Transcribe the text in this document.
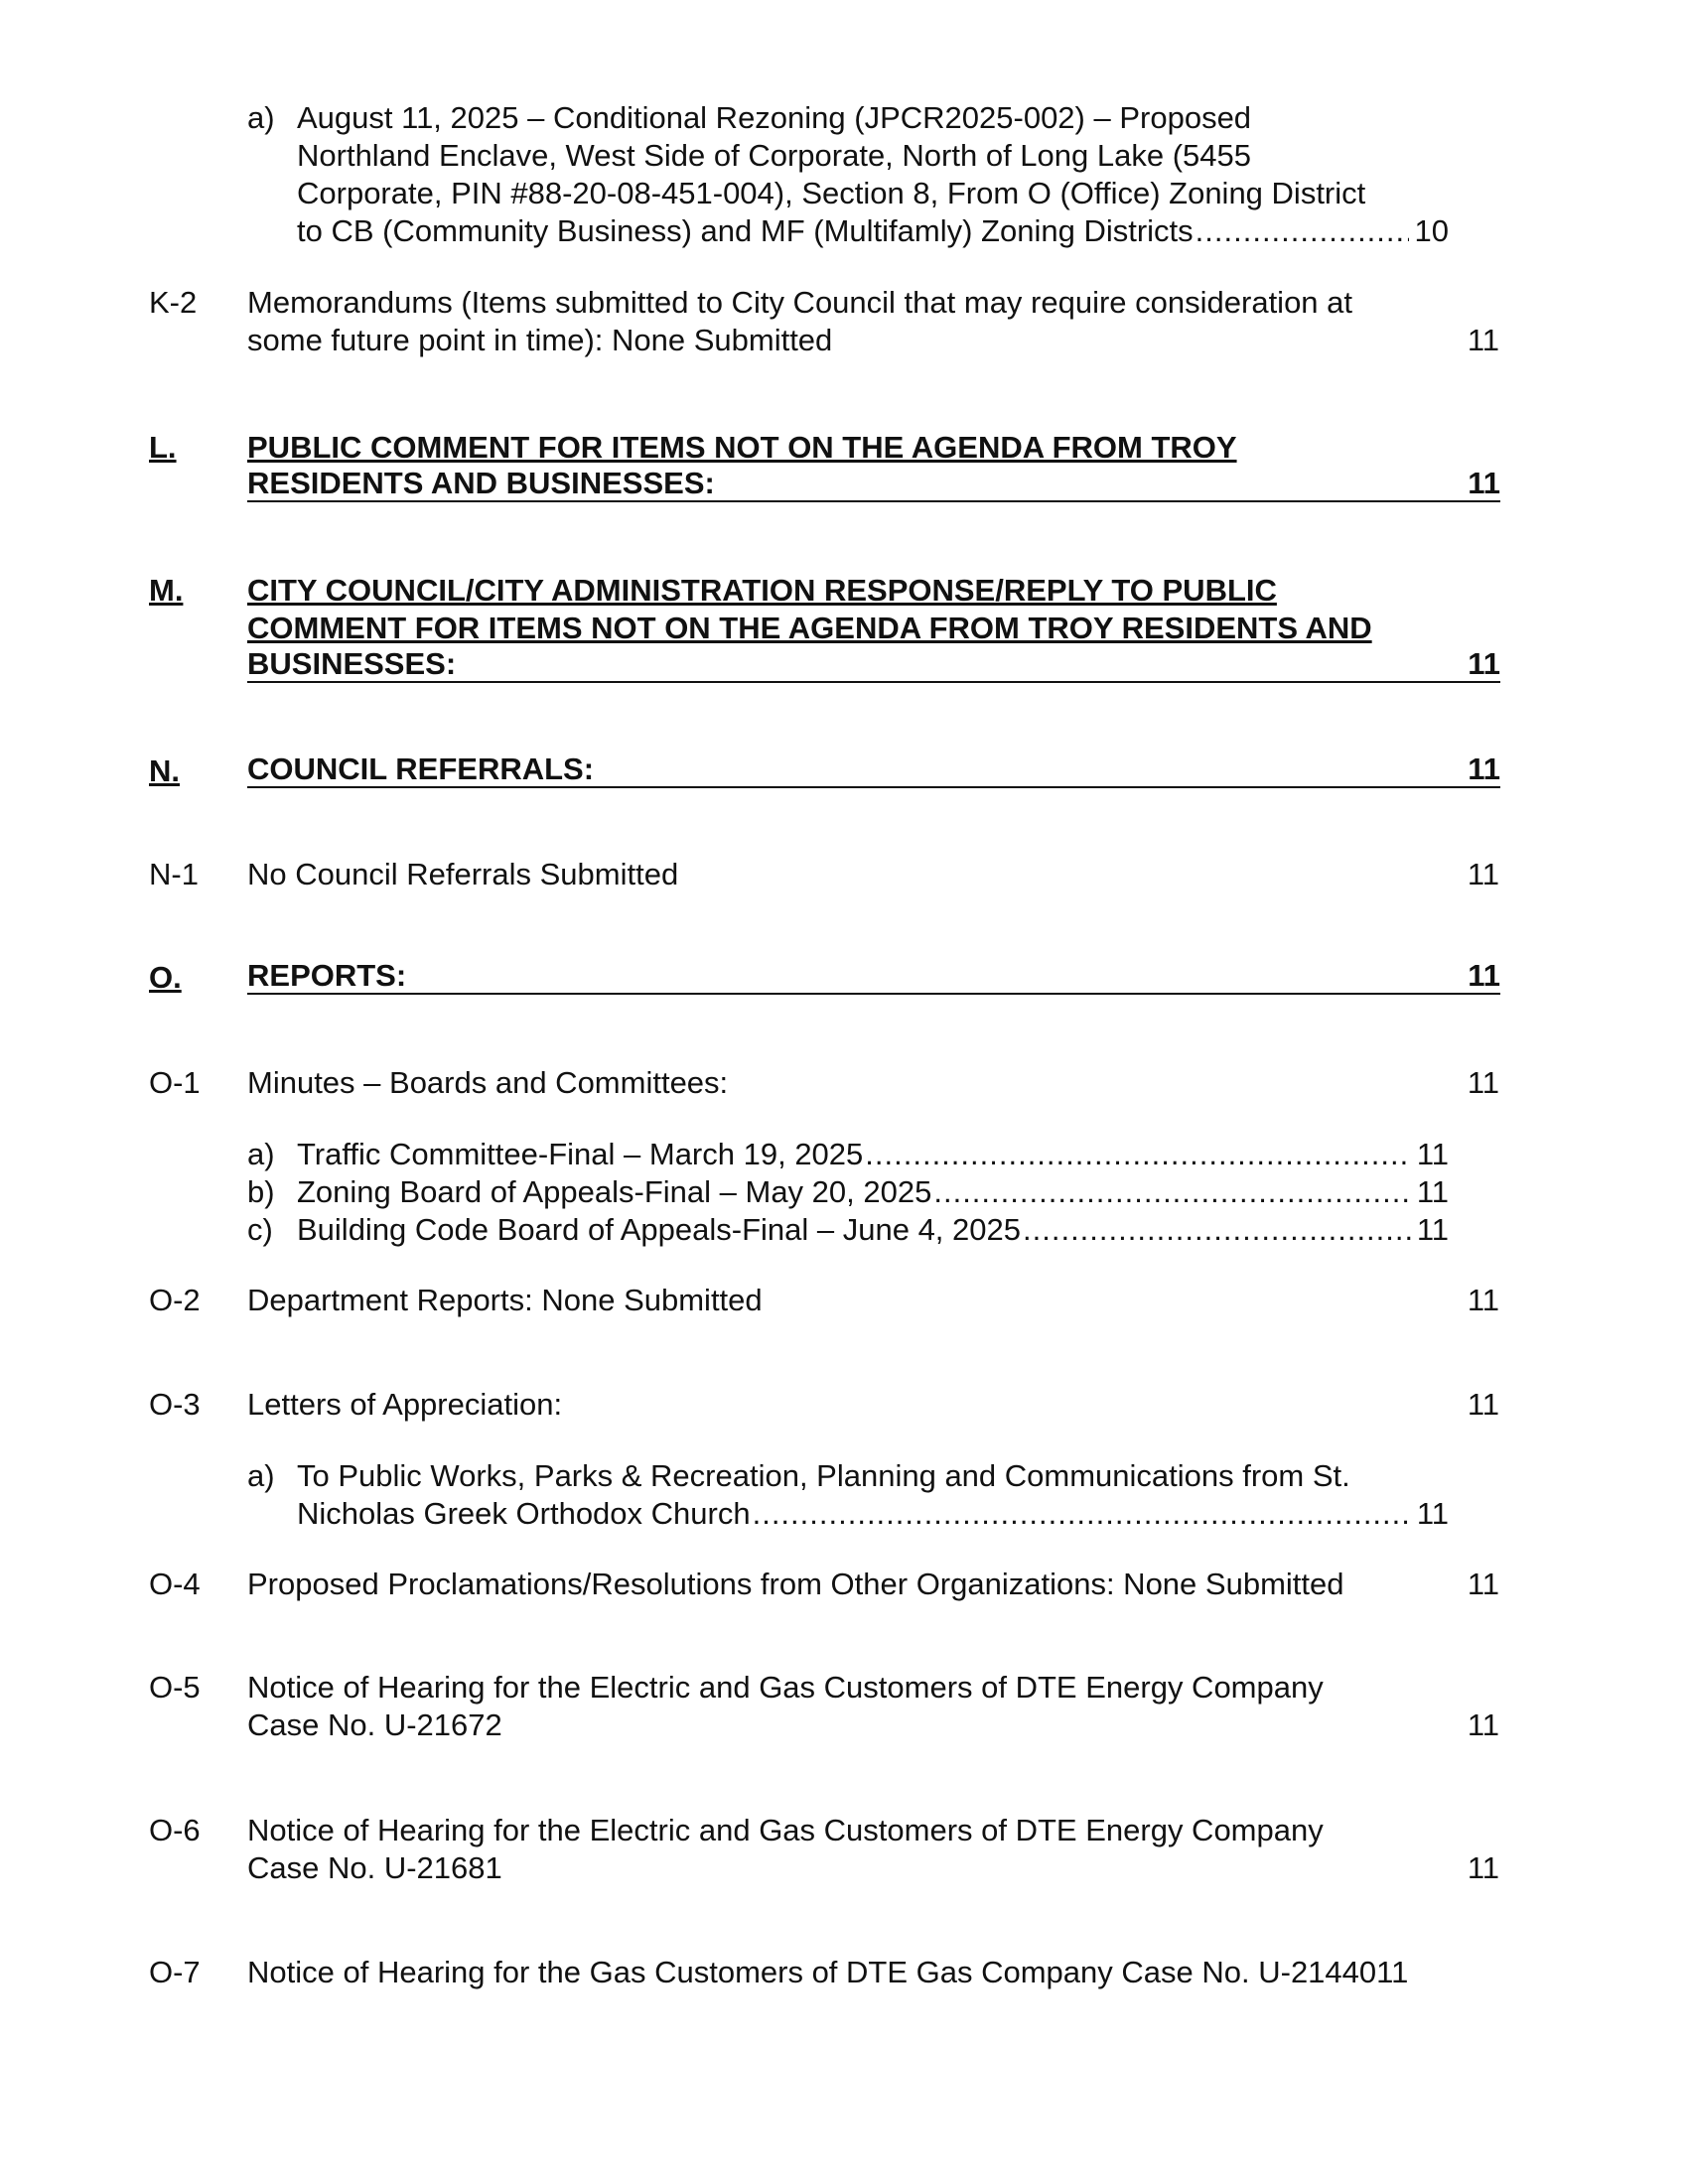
a) August 11, 2025 – Conditional Rezoning (JPCR2025-002) – Proposed
Northland Enclave, West Side of Corporate, North of Long Lake (5455
Corporate, PIN #88-20-08-451-004), Section 8, From O (Office) Zoning District
to CB (Community Business) and MF (Multifamly) Zoning Districts .....	10
K-2 Memorandums (Items submitted to City Council that may require consideration at
some future point in time): None Submitted	11
L. PUBLIC COMMENT FOR ITEMS NOT ON THE AGENDA FROM TROY
RESIDENTS AND BUSINESSES:	11
M. CITY COUNCIL/CITY ADMINISTRATION RESPONSE/REPLY TO PUBLIC
COMMENT FOR ITEMS NOT ON THE AGENDA FROM TROY RESIDENTS AND
BUSINESSES:	11
N. COUNCIL REFERRALS:	11
N-1 No Council Referrals Submitted	11
O. REPORTS:	11
O-1 Minutes – Boards and Committees:	11
a) Traffic Committee-Final – March 19, 2025 .....	11
b) Zoning Board of Appeals-Final – May 20, 2025 .....	11
c) Building Code Board of Appeals-Final – June 4, 2025 .....	11
O-2 Department Reports: None Submitted	11
O-3 Letters of Appreciation:	11
a) To Public Works, Parks & Recreation, Planning and Communications from St.
Nicholas Greek Orthodox Church .....	11
O-4 Proposed Proclamations/Resolutions from Other Organizations: None Submitted	11
O-5 Notice of Hearing for the Electric and Gas Customers of DTE Energy Company
Case No. U-21672	11
O-6 Notice of Hearing for the Electric and Gas Customers of DTE Energy Company
Case No. U-21681	11
O-7 Notice of Hearing for the Gas Customers of DTE Gas Company Case No. U-2144011
